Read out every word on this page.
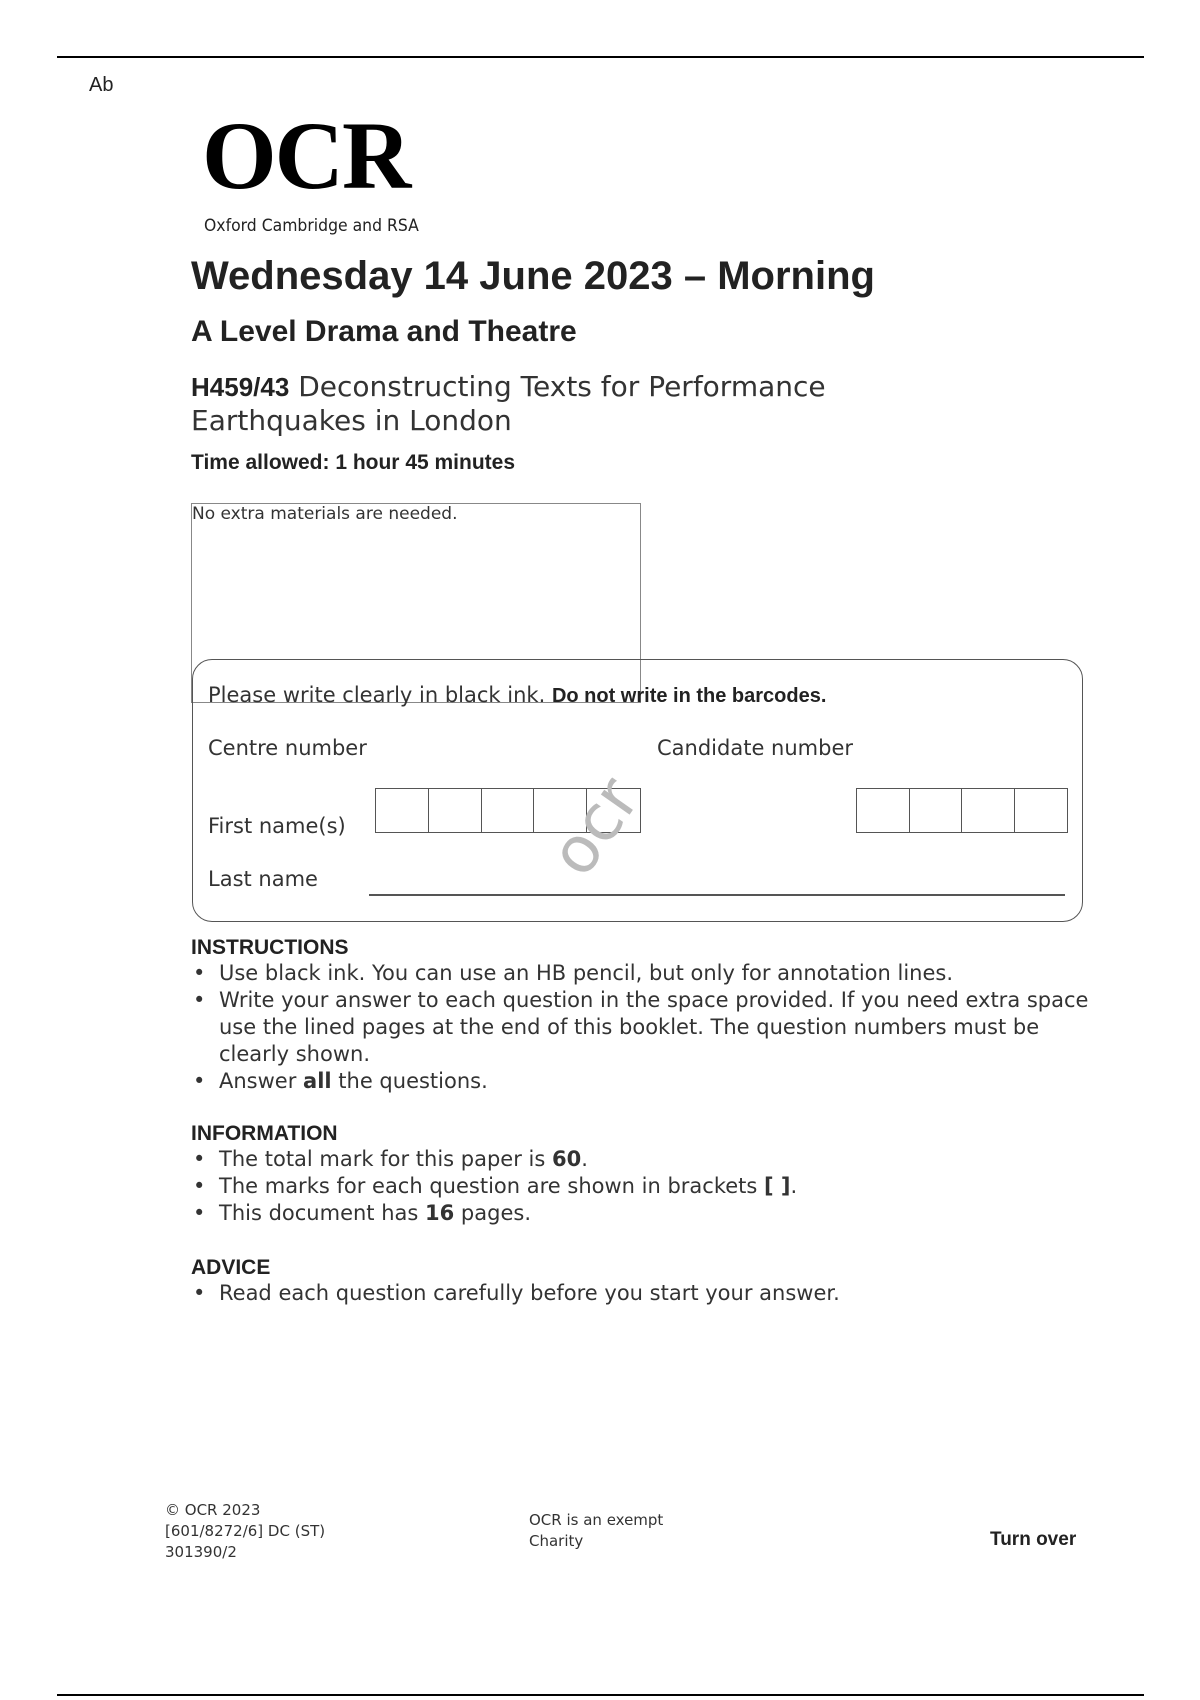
Ab
OCR
Oxford Cambridge and RSA
Wednesday 14 June 2023 – Morning
A Level Drama and Theatre
H459/43 Deconstructing Texts for Performance
Earthquakes in London
Time allowed: 1 hour 45 minutes
No extra materials are needed.
Please write clearly in black ink. Do not write in the barcodes.
Centre number	Candidate number
ocr
First name(s)
Last name
INSTRUCTIONS
• Use black ink. You can use an HB pencil, but only for annotation lines.
• Write your answer to each question in the space provided. If you need extra space use the lined pages at the end of this booklet. The question numbers must be clearly shown.
• Answer all the questions.
INFORMATION
• The total mark for this paper is 60.
• The marks for each question are shown in brackets [ ].
• This document has 16 pages.
ADVICE
• Read each question carefully before you start your answer.
© OCR 2023
[601/8272/6] DC (ST)
301390/2
OCR is an exempt
Charity	Turn over
